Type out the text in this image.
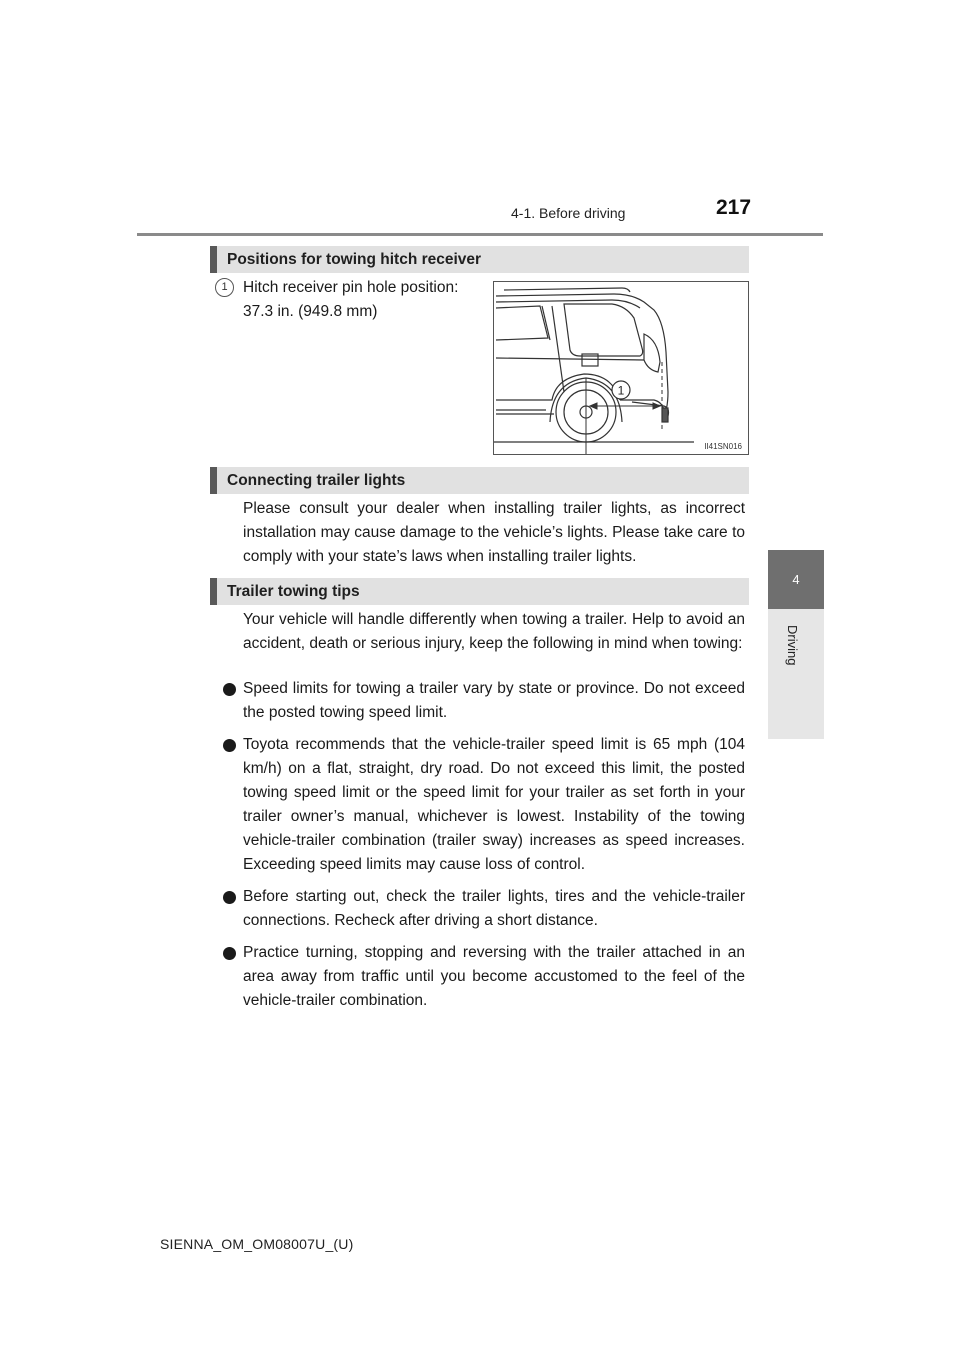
4-1. Before driving	217
4
Driving
Positions for towing hitch receiver
1 Hitch receiver pin hole position: 37.3 in. (949.8 mm)
1
II41SN016
Connecting trailer lights
Please consult your dealer when installing trailer lights, as incorrect installation may cause damage to the vehicle’s lights. Please take care to comply with your state’s laws when installing trailer lights.
Trailer towing tips
Your vehicle will handle differently when towing a trailer. Help to avoid an accident, death or serious injury, keep the following in mind when towing:
Speed limits for towing a trailer vary by state or province. Do not exceed the posted towing speed limit.
Toyota recommends that the vehicle-trailer speed limit is 65 mph (104 km/h) on a flat, straight, dry road. Do not exceed this limit, the posted towing speed limit or the speed limit for your trailer as set forth in your trailer owner’s manual, whichever is lowest. Instability of the towing vehicle-trailer combination (trailer sway) increases as speed increases. Exceeding speed limits may cause loss of control.
Before starting out, check the trailer lights, tires and the vehicle-trailer connections. Recheck after driving a short distance.
Practice turning, stopping and reversing with the trailer attached in an area away from traffic until you become accustomed to the feel of the vehicle-trailer combination.
SIENNA_OM_OM08007U_(U)
